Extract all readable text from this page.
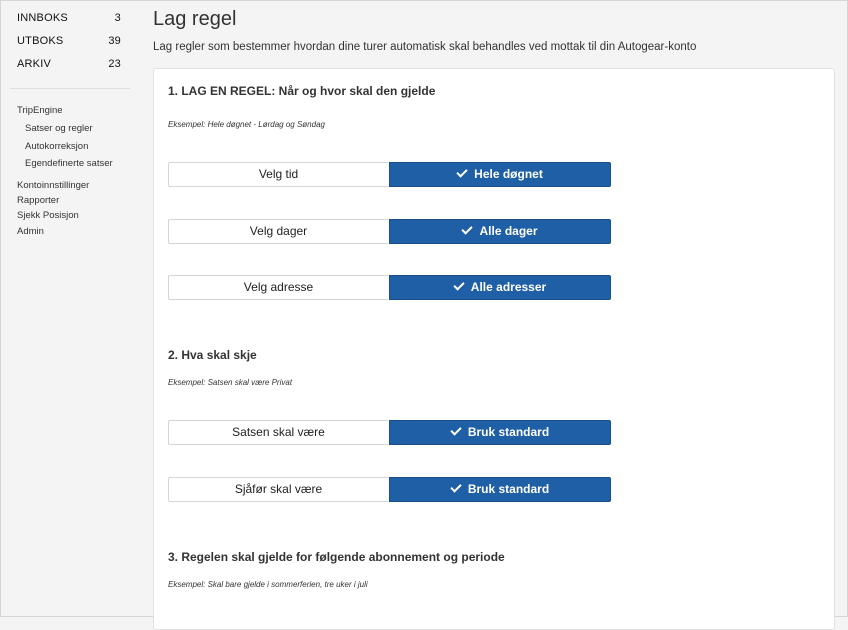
INNBOKS	3
UTBOKS	39
ARKIV	23
TripEngine
Satser og regler
Autokorreksjon
Egendefinerte satser
Kontoinnstillinger
Rapporter
Sjekk Posisjon
Admin
Lag regel
Lag regler som bestemmer hvordan dine turer automatisk skal behandles ved mottak til din Autogear-konto
1. LAG EN REGEL: Når og hvor skal den gjelde
Eksempel: Hele døgnet - Lørdag og Søndag
Velg tid	Hele døgnet
Velg dager	Alle dager
Velg adresse	Alle adresser
2. Hva skal skje
Eksempel: Satsen skal være Privat
Satsen skal være	Bruk standard
Sjåfør skal være	Bruk standard
3. Regelen skal gjelde for følgende abonnement og periode
Eksempel: Skal bare gjelde i sommerferien, tre uker i juli
